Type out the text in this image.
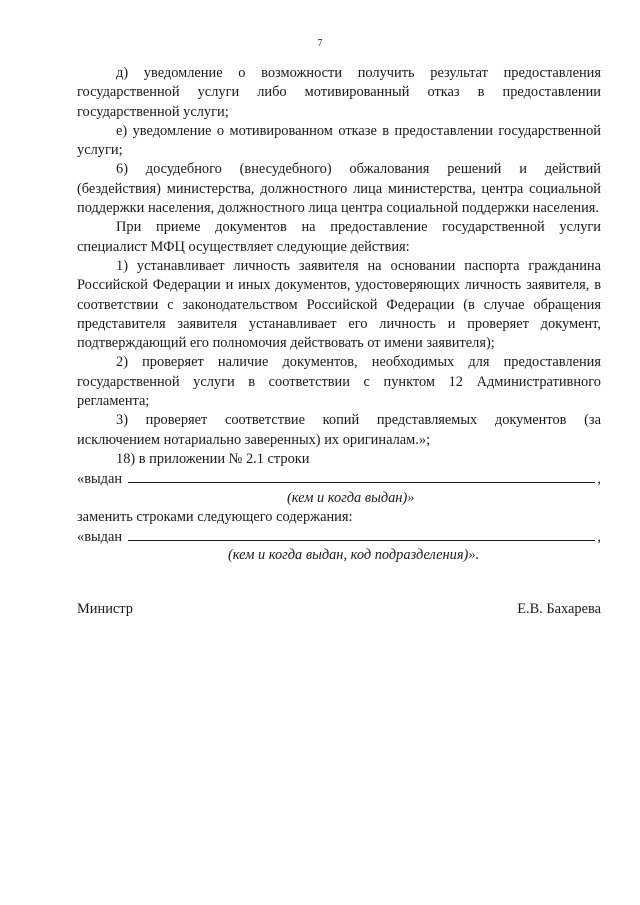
7

д) уведомление о возможности получить результат предоставления государственной услуги либо мотивированный отказ в предоставлении государственной услуги;

е) уведомление о мотивированном отказе в предоставлении государственной услуги;

6) досудебного (внесудебного) обжалования решений и действий (бездействия) министерства, должностного лица министерства, центра социальной поддержки населения, должностного лица центра социальной поддержки населения.

При приеме документов на предоставление государственной услуги специалист МФЦ осуществляет следующие действия:

1) устанавливает личность заявителя на основании паспорта гражданина Российской Федерации и иных документов, удостоверяющих личность заявителя, в соответствии с законодательством Российской Федерации (в случае обращения представителя заявителя устанавливает его личность и проверяет документ, подтверждающий его полномочия действовать от имени заявителя);

2) проверяет наличие документов, необходимых для предоставления государственной услуги в соответствии с пунктом 12 Административного регламента;

3) проверяет соответствие копий представляемых документов (за исключением нотариально заверенных) их оригиналам.»;

18) в приложении № 2.1 строки

«выдан	,
(кем и когда выдан)»

заменить строками следующего содержания:

«выдан	,
(кем и когда выдан, код подразделения)».
Министр	Е.В. Бахарева
